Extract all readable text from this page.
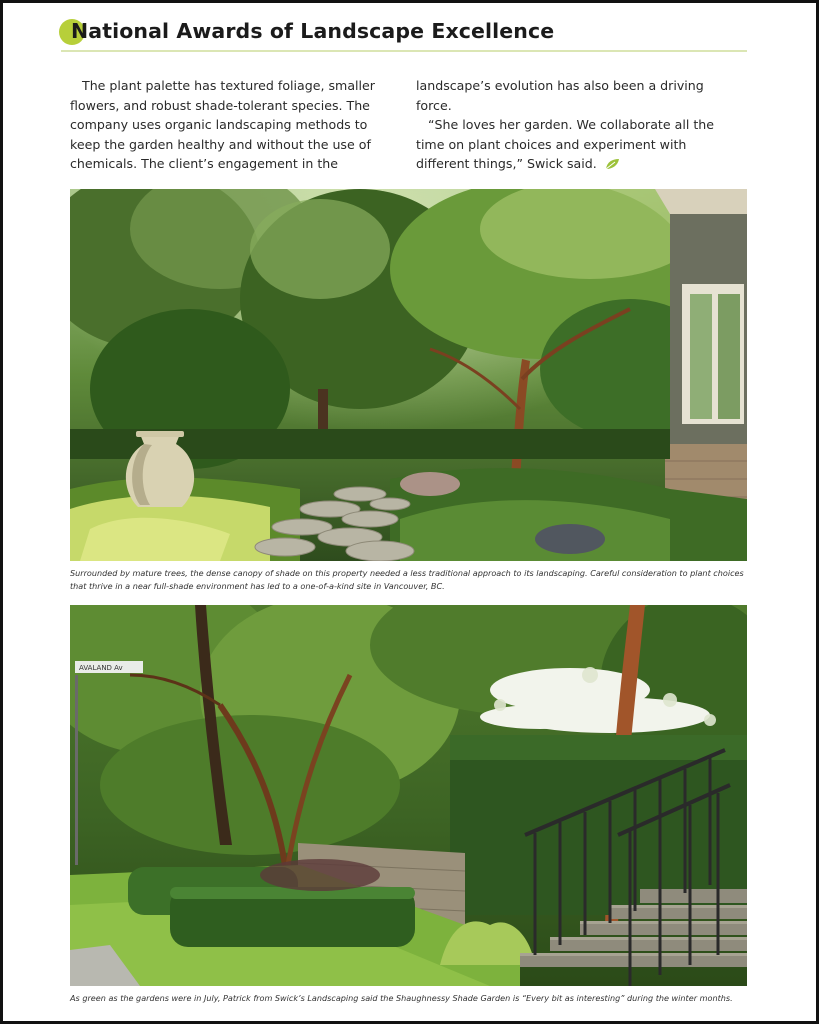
National Awards of Landscape Excellence

The plant palette has textured foliage, smaller flowers, and robust shade-tolerant species. The company uses organic landscaping methods to keep the garden healthy and without the use of chemicals. The client’s engagement in the

landscape’s evolution has also been a driving force.

“She loves her garden. We collaborate all the time on plant choices and experiment with different things,” Swick said.

Surrounded by mature trees, the dense canopy of shade on this property needed a less traditional approach to its landscaping. Careful consideration to plant choices that thrive in a near full-shade environment has led to a one-of-a-kind site in Vancouver, BC.

AVALAND Av

As green as the gardens were in July, Patrick from Swick’s Landscaping said the Shaughnessy Shade Garden is “Every bit as interesting” during the winter months.
